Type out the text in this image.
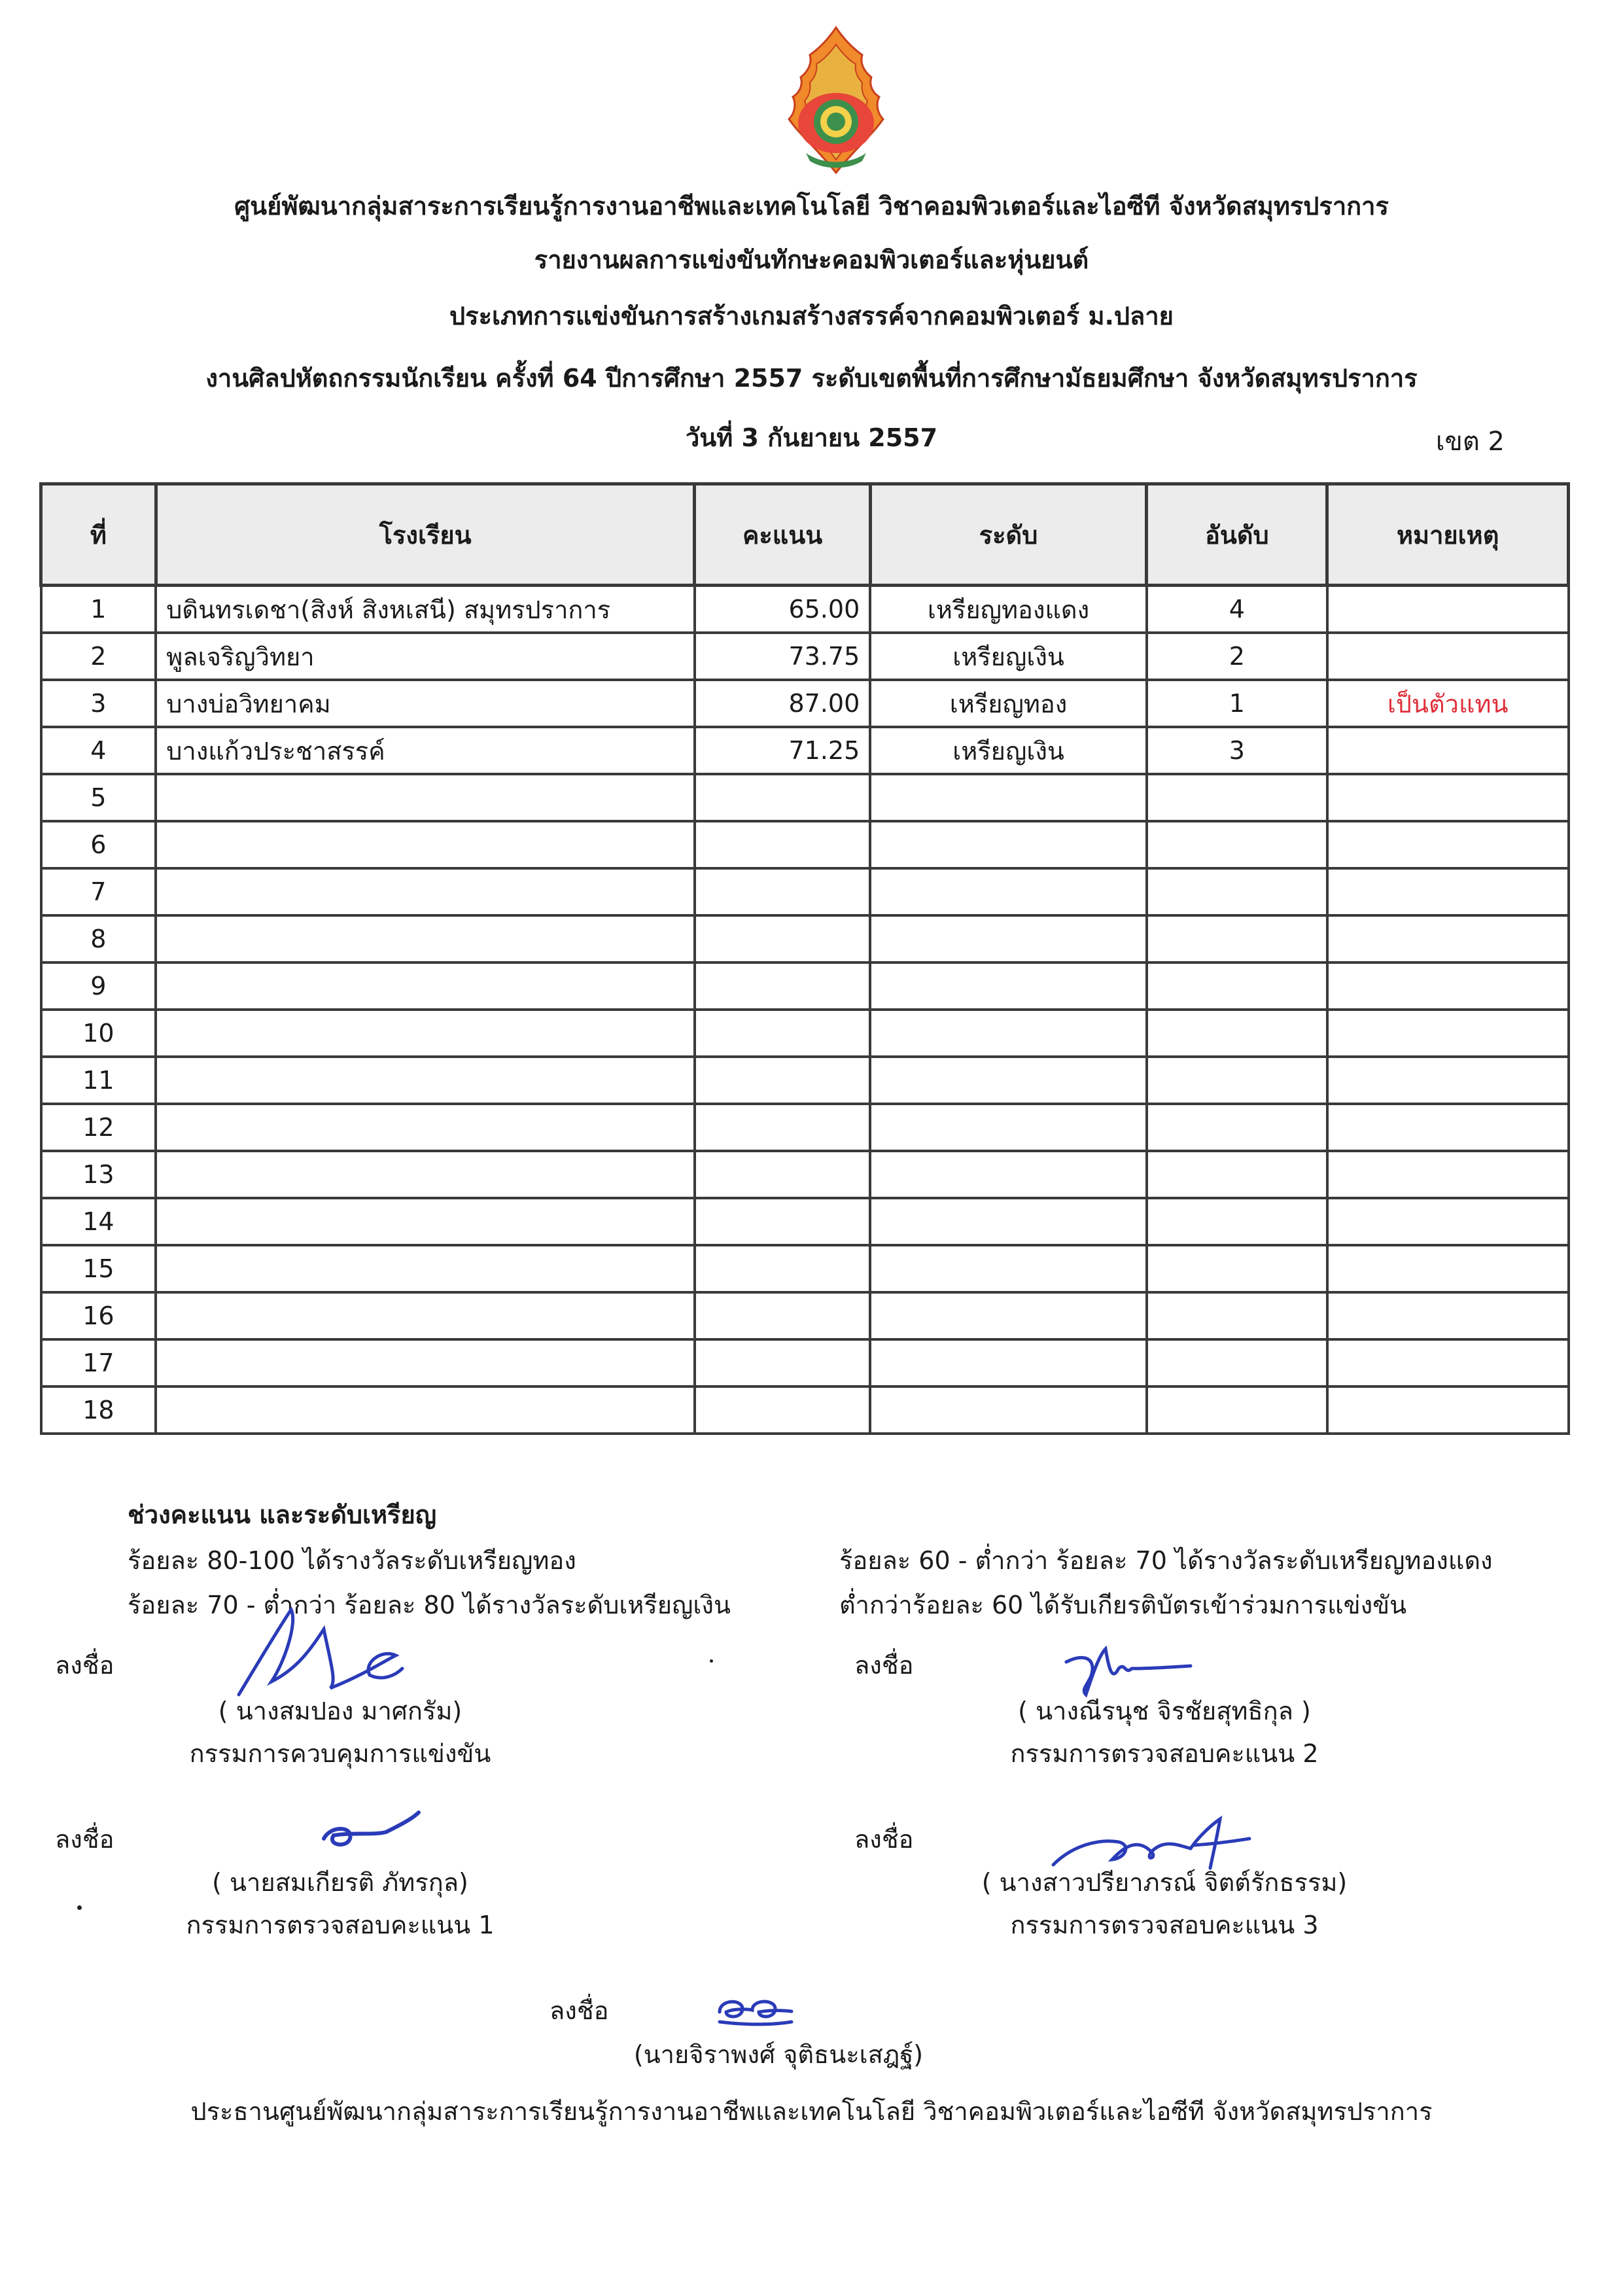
ศูนย์พัฒนากลุ่มสาระการเรียนรู้การงานอาชีพและเทคโนโลยี วิชาคอมพิวเตอร์และไอซีที จังหวัดสมุทรปราการ
รายงานผลการแข่งขันทักษะคอมพิวเตอร์และหุ่นยนต์
ประเภทการแข่งขันการสร้างเกมสร้างสรรค์จากคอมพิวเตอร์ ม.ปลาย
งานศิลปหัตถกรรมนักเรียน ครั้งที่ 64 ปีการศึกษา 2557 ระดับเขตพื้นที่การศึกษามัธยมศึกษา จังหวัดสมุทรปราการ
วันที่ 3 กันยายน 2557	เขต 2
ที่	โรงเรียน	คะแนน	ระดับ	อันดับ	หมายเหตุ
1	บดินทรเดชา(สิงห์ สิงหเสนี) สมุทรปราการ	65.00	เหรียญทองแดง	4	
2	พูลเจริญวิทยา	73.75	เหรียญเงิน	2	
3	บางบ่อวิทยาคม	87.00	เหรียญทอง	1	เป็นตัวแทน
4	บางแก้วประชาสรรค์	71.25	เหรียญเงิน	3	
5					
6					
7					
8					
9					
10					
11					
12					
13					
14					
15					
16					
17					
18					
ช่วงคะแนน และระดับเหรียญ
ร้อยละ 80-100 ได้รางวัลระดับเหรียญทอง
ร้อยละ 70 - ต่ำกว่า ร้อยละ 80 ได้รางวัลระดับเหรียญเงิน
ร้อยละ 60 - ต่ำกว่า ร้อยละ 70 ได้รางวัลระดับเหรียญทองแดง
ต่ำกว่าร้อยละ 60 ได้รับเกียรติบัตรเข้าร่วมการแข่งขัน
ลงชื่อ
( นางสมปอง มาศกรัม)
กรรมการควบคุมการแข่งขัน
ลงชื่อ
( นางณีรนุช จิรชัยสุทธิกุล )
กรรมการตรวจสอบคะแนน 2
ลงชื่อ
( นายสมเกียรติ ภัทรกุล)
กรรมการตรวจสอบคะแนน 1
ลงชื่อ
( นางสาวปรียาภรณ์ จิตต์รักธรรม)
กรรมการตรวจสอบคะแนน 3
ลงชื่อ
(นายจิราพงศ์ จุติธนะเสฎฐ์)
ประธานศูนย์พัฒนากลุ่มสาระการเรียนรู้การงานอาชีพและเทคโนโลยี วิชาคอมพิวเตอร์และไอซีที จังหวัดสมุทรปราการ
